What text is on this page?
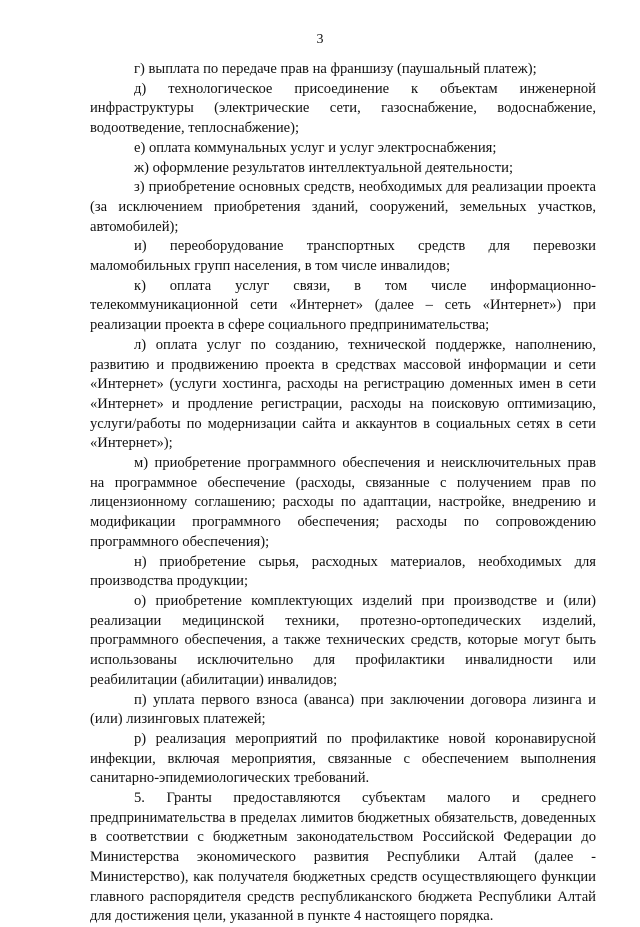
3

г) выплата по передаче прав на франшизу (паушальный платеж);

д) технологическое присоединение к объектам инженерной инфраструктуры (электрические сети, газоснабжение, водоснабжение, водоотведение, теплоснабжение);

е) оплата коммунальных услуг и услуг электроснабжения;

ж) оформление результатов интеллектуальной деятельности;

з) приобретение основных средств, необходимых для реализации проекта (за исключением приобретения зданий, сооружений, земельных участков, автомобилей);

и) переоборудование транспортных средств для перевозки маломобильных групп населения, в том числе инвалидов;

к) оплата услуг связи, в том числе информационно-телекоммуникационной сети «Интернет» (далее – сеть «Интернет») при реализации проекта в сфере социального предпринимательства;

л) оплата услуг по созданию, технической поддержке, наполнению, развитию и продвижению проекта в средствах массовой информации и сети «Интернет» (услуги хостинга, расходы на регистрацию доменных имен в сети «Интернет» и продление регистрации, расходы на поисковую оптимизацию, услуги/работы по модернизации сайта и аккаунтов в социальных сетях в сети «Интернет»);

м) приобретение программного обеспечения и неисключительных прав на программное обеспечение (расходы, связанные с получением прав по лицензионному соглашению; расходы по адаптации, настройке, внедрению и модификации программного обеспечения; расходы по сопровождению программного обеспечения);

н) приобретение сырья, расходных материалов, необходимых для производства продукции;

о) приобретение комплектующих изделий при производстве и (или) реализации медицинской техники, протезно-ортопедических изделий, программного обеспечения, а также технических средств, которые могут быть использованы исключительно для профилактики инвалидности или реабилитации (абилитации) инвалидов;

п) уплата первого взноса (аванса) при заключении договора лизинга и (или) лизинговых платежей;

р) реализация мероприятий по профилактике новой коронавирусной инфекции, включая мероприятия, связанные с обеспечением выполнения санитарно-эпидемиологических требований.

5. Гранты предоставляются субъектам малого и среднего предпринимательства в пределах лимитов бюджетных обязательств, доведенных в соответствии с бюджетным законодательством Российской Федерации до Министерства экономического развития Республики Алтай (далее - Министерство), как получателя бюджетных средств осуществляющего функции главного распорядителя средств республиканского бюджета Республики Алтай для достижения цели, указанной в пункте 4 настоящего порядка.
